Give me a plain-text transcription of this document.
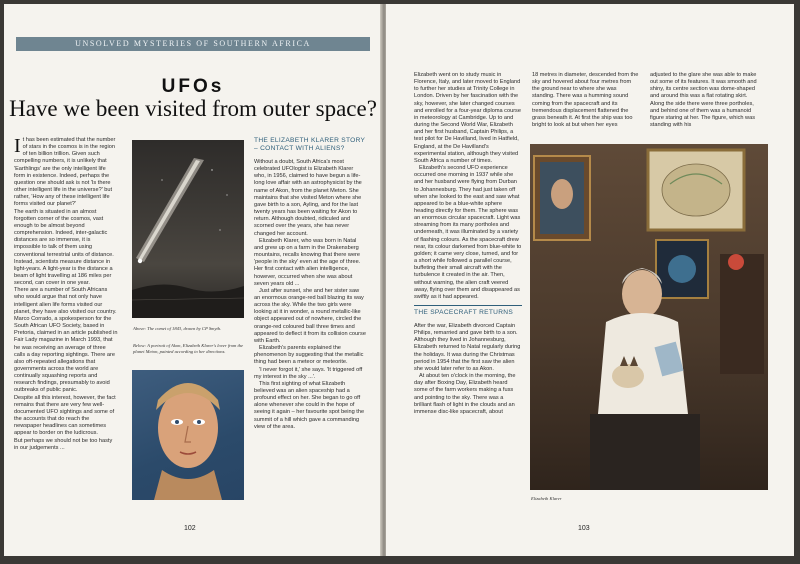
UNSOLVED MYSTERIES OF SOUTHERN AFRICA
UFOs
Have we been visited from outer space?

It has been estimated that the number of stars in the cosmos is in the region of ten billion trillion. Given such compelling numbers, it is unlikely that 'Earthlings' are the only intelligent life form in existence. Indeed, perhaps the question one should ask is not 'Is there other intelligent life in the universe?' but rather, 'How any of these intelligent life forms visited our planet?'

The earth is situated in an almost forgotten corner of the cosmos, vast enough to be almost beyond comprehension. Indeed, inter-galactic distances are so immense, it is impossible to talk of them using conventional terrestrial units of distance. Instead, scientists measure distance in light-years. A light-year is the distance a beam of light travelling at 186 miles per second, can cover in one year.

There are a number of South Africans who would argue that not only have intelligent alien life forms visited our planet, they have also visited our country. Marco Corrado, a spokesperson for the South African UFO Society, based in Pretoria, claimed in an article published in Fair Lady magazine in March 1993, that he was receiving an average of three calls a day reporting sightings. There are also oft-repeated allegations that governments across the world are continually squashing reports and research findings, presumably to avoid outbreaks of public panic.

Despite all this interest, however, the fact remains that there are very few well-documented UFO sightings and some of the accounts that do reach the newspaper headlines can sometimes appear to border on the ludicrous.

But perhaps we should not be too hasty in our judgements ...

Above: The comet of 1843, drawn by CP Smyth.
Below: A portrait of Akon, Elizabeth Klarer's lover from the planet Meton, painted according to her directions.
THE ELIZABETH KLARER STORY – CONTACT WITH ALIENS?

Without a doubt, South Africa's most celebrated UFOlogist is Elizabeth Klarer who, in 1956, claimed to have begun a life-long love affair with an astrophysicist by the name of Akon, from the planet Meton. She maintains that she visited Meton where she gave birth to a son, Ayling, and for the last twenty years has been waiting for Akon to return. Although doubted, ridiculed and scorned over the years, she has never changed her account.

Elizabeth Klarer, who was born in Natal and grew up on a farm in the Drakensberg mountains, recalls knowing that there were 'people in the sky' even at the age of three. Her first contact with alien intelligence, however, occurred when she was about seven years old ...

Just after sunset, she and her sister saw an enormous orange-red ball blazing its way across the sky. While the two girls were looking at it in wonder, a round metallic-like object appeared out of nowhere, circled the orange-red coloured ball three times and appeared to deflect it from its collision course with Earth.

Elizabeth's parents explained the phenomenon by suggesting that the metallic thing had been a meteor or meteorite.

'I never forgot it,' she says. 'It triggered off my interest in the sky ...'.

This first sighting of what Elizabeth believed was an alien spaceship had a profound effect on her. She began to go off alone whenever she could in the hope of seeing it again – her favourite spot being the summit of a hill which gave a commanding view of the area.

102

Elizabeth went on to study music in Florence, Italy, and later moved to England to further her studies at Trinity College in London. Driven by her fascination with the sky, however, she later changed courses and enrolled for a four-year diploma course in meteorology at Cambridge. Up to and during the Second World War, Elizabeth and her first husband, Captain Philips, a test pilot for De Havilland, lived in Hatfield, England, at the De Havilland's experimental station, although they visited South Africa a number of times.

Elizabeth's second UFO experience occurred one morning in 1937 while she and her husband were flying from Durban to Johannesburg. They had just taken off when she looked to the east and saw what appeared to be a blue-white sphere heading directly for them. The sphere was an enormous circular spacecraft. Light was streaming from its many portholes and underneath, it was illuminated by a variety of flashing colours. As the spacecraft drew near, its colour darkened from blue-white to golden; it came very close, turned, and for a short while followed a parallel course, buffeting their small aircraft with the turbulence it created in the air. Then, without warning, the alien craft veered away, flying over them and disappeared as swiftly as it had appeared.

THE SPACECRAFT RETURNS

After the war, Elizabeth divorced Captain Philips, remarried and gave birth to a son. Although they lived in Johannesburg, Elizabeth returned to Natal regularly during the holidays. It was during the Christmas period in 1954 that the first saw the alien she would later refer to as Akon.

At about ten o'clock in the morning, the day after Boxing Day, Elizabeth heard some of the farm workers making a fuss and pointing to the sky. There was a brilliant flash of light in the clouds and an immense disc-like spacecraft, about

18 metres in diameter, descended from the sky and hovered about four metres from the ground near to where she was standing. There was a humming sound coming from the spacecraft and its tremendous displacement flattened the grass beneath it. At first the ship was too bright to look at but when her eyes

adjusted to the glare she was able to make out some of its features. It was smooth and shiny, its centre section was dome-shaped and around this was a flat rotating skirt. Along the side there were three portholes, and behind one of them was a humanoid figure staring at her. The figure, which was standing with his

Elizabeth Klarer
103
